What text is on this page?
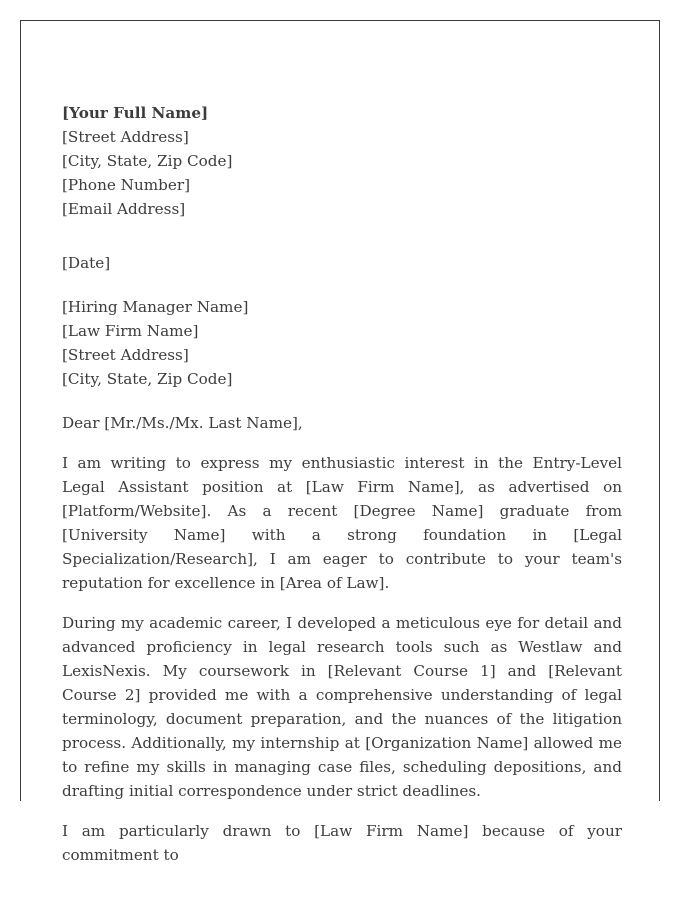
[Your Full Name]
[Street Address]
[City, State, Zip Code]
[Phone Number]
[Email Address]
[Date]
[Hiring Manager Name]
[Law Firm Name]
[Street Address]
[City, State, Zip Code]
Dear [Mr./Ms./Mx. Last Name],

I am writing to express my enthusiastic interest in the Entry-Level Legal Assistant position at [Law Firm Name], as advertised on [Platform/Website]. As a recent [Degree Name] graduate from [University Name] with a strong foundation in [Legal Specialization/Research], I am eager to contribute to your team's reputation for excellence in [Area of Law].

During my academic career, I developed a meticulous eye for detail and advanced proficiency in legal research tools such as Westlaw and LexisNexis. My coursework in [Relevant Course 1] and [Relevant Course 2] provided me with a comprehensive understanding of legal terminology, document preparation, and the nuances of the litigation process. Additionally, my internship at [Organization Name] allowed me to refine my skills in managing case files, scheduling depositions, and drafting initial correspondence under strict deadlines.

I am particularly drawn to [Law Firm Name] because of your commitment to
